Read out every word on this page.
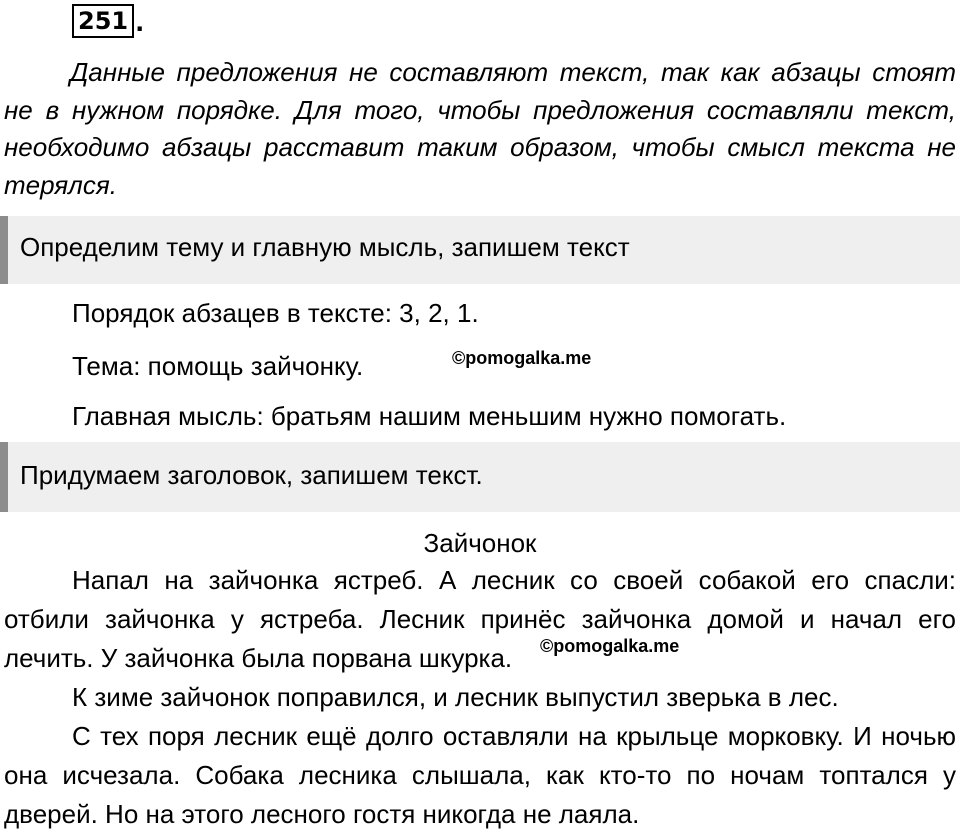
251 .

Данные предложения не составляют текст, так как абзацы стоят не в нужном порядке. Для того, чтобы предложения составляли текст, необходимо абзацы расставит таким образом, чтобы смысл текста не терялся.

Определим тему и главную мысль, запишем текст

Порядок абзацев в тексте: 3, 2, 1.

Тема: помощь зайчонку.	©pomogalka.me

Главная мысль: братьям нашим меньшим нужно помогать.

Придумаем заголовок, запишем текст.

Зайчонок

Напал на зайчонка ястреб. А лесник со своей собакой его спасли: отбили зайчонка у ястреба. Лесник принёс зайчонка домой и начал его лечить. У зайчонка была порвана шкурка.	©pomogalka.me

К зиме зайчонок поправился, и лесник выпустил зверька в лес.

С тех поря лесник ещё долго оставляли на крыльце морковку. И ночью она исчезала. Собака лесника слышала, как кто-то по ночам топтался у дверей. Но на этого лесного гостя никогда не лаяла.
